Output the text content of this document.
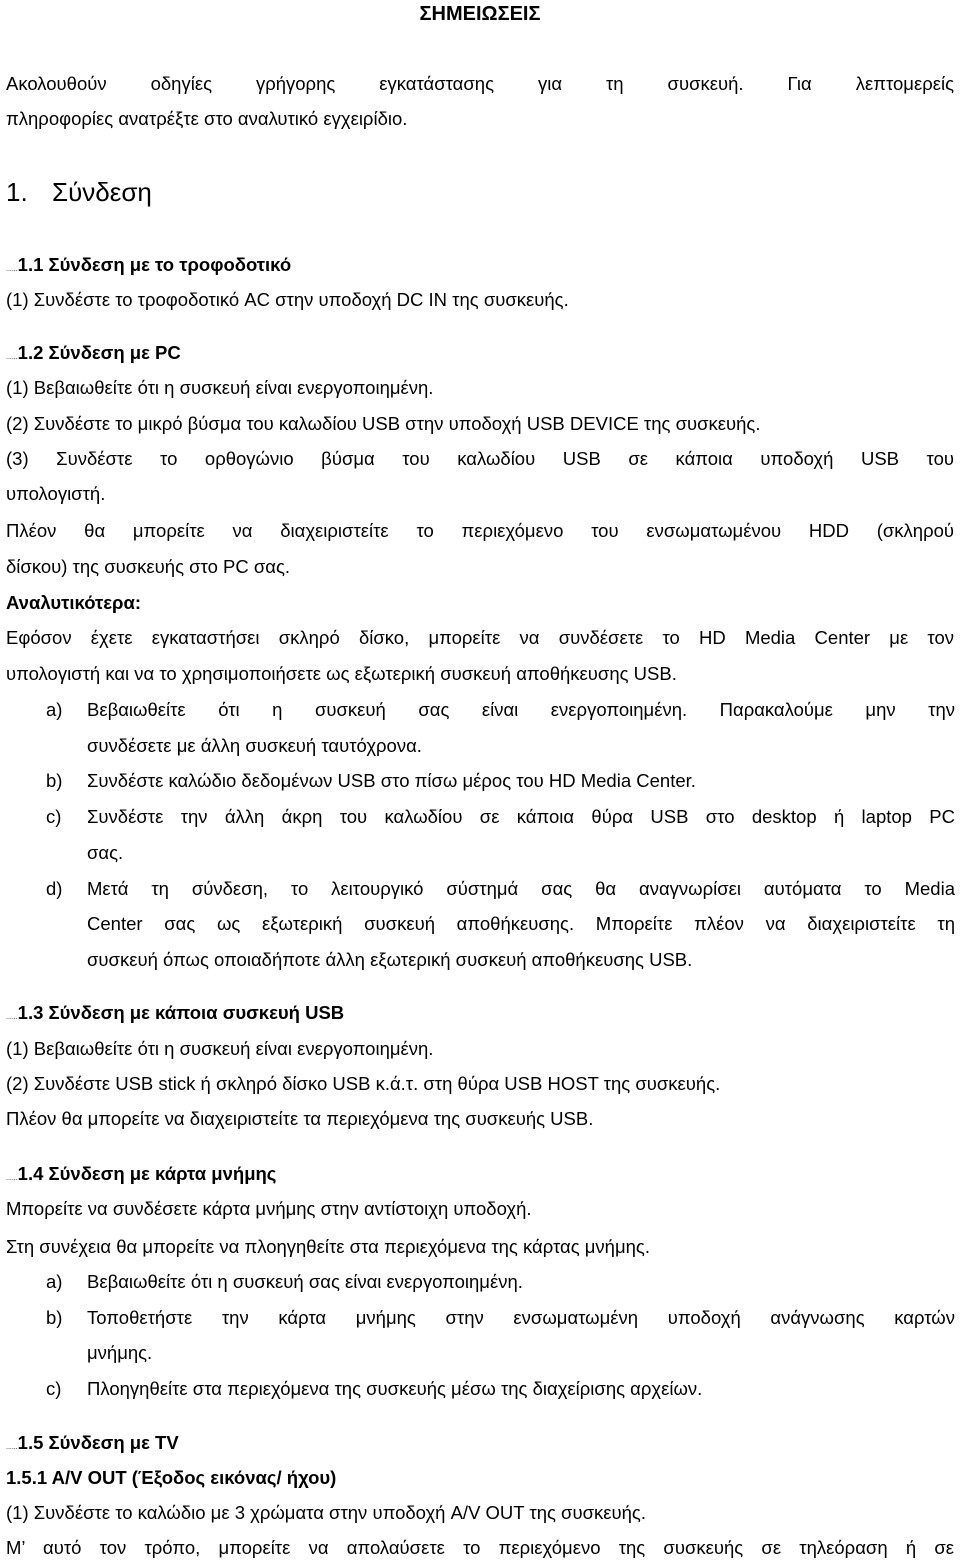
ΣΗΜΕΙΩΣΕΙΣ
Ακολουθούν οδηγίες γρήγορης εγκατάστασης για τη συσκευή. Για λεπτομερείς
πληροφορίες ανατρέξτε στο αναλυτικό εγχειρίδιο.
1. Σύνδεση
......1.1 Σύνδεση με το τροφοδοτικό
(1) Συνδέστε το τροφοδοτικό AC στην υποδοχή DC IN της συσκευής.
......1.2 Σύνδεση με PC
(1) Βεβαιωθείτε ότι η συσκευή είναι ενεργοποιημένη.
(2) Συνδέστε το μικρό βύσμα του καλωδίου USB στην υποδοχή USB DEVICE της συσκευής.
(3) Συνδέστε το ορθογώνιο βύσμα του καλωδίου USB σε κάποια υποδοχή USB του
υπολογιστή.
Πλέον θα μπορείτε να διαχειριστείτε το περιεχόμενο του ενσωματωμένου HDD (σκληρού
δίσκου) της συσκευής στο PC σας.
Αναλυτικότερα:
Εφόσον έχετε εγκαταστήσει σκληρό δίσκο, μπορείτε να συνδέσετε το HD Media Center με τον
υπολογιστή και να το χρησιμοποιήσετε ως εξωτερική συσκευή αποθήκευσης USB.
a) Βεβαιωθείτε ότι η συσκευή σας είναι ενεργοποιημένη. Παρακαλούμε μην την
συνδέσετε με άλλη συσκευή ταυτόχρονα.
b) Συνδέστε καλώδιο δεδομένων USB στο πίσω μέρος του HD Media Center.
c) Συνδέστε την άλλη άκρη του καλωδίου σε κάποια θύρα USB στο desktop ή laptop PC
σας.
d) Μετά τη σύνδεση, το λειτουργικό σύστημά σας θα αναγνωρίσει αυτόματα το Media
Center σας ως εξωτερική συσκευή αποθήκευσης. Μπορείτε πλέον να διαχειριστείτε τη
συσκευή όπως οποιαδήποτε άλλη εξωτερική συσκευή αποθήκευσης USB.
......1.3 Σύνδεση με κάποια συσκευή USB
(1) Βεβαιωθείτε ότι η συσκευή είναι ενεργοποιημένη.
(2) Συνδέστε USB stick ή σκληρό δίσκο USB κ.ά.τ. στη θύρα USB HOST της συσκευής.
Πλέον θα μπορείτε να διαχειριστείτε τα περιεχόμενα της συσκευής USB.
......1.4 Σύνδεση με κάρτα μνήμης
Μπορείτε να συνδέσετε κάρτα μνήμης στην αντίστοιχη υποδοχή.
Στη συνέχεια θα μπορείτε να πλοηγηθείτε στα περιεχόμενα της κάρτας μνήμης.
a) Βεβαιωθείτε ότι η συσκευή σας είναι ενεργοποιημένη.
b) Τοποθετήστε την κάρτα μνήμης στην ενσωματωμένη υποδοχή ανάγνωσης καρτών
μνήμης.
c) Πλοηγηθείτε στα περιεχόμενα της συσκευής μέσω της διαχείρισης αρχείων.
......1.5 Σύνδεση με TV
1.5.1 A/V OUT (Έξοδος εικόνας/ ήχου)
(1) Συνδέστε το καλώδιο με 3 χρώματα στην υποδοχή A/V OUT της συσκευής.
Μ’ αυτό τον τρόπο, μπορείτε να απολαύσετε το περιεχόμενο της συσκευής σε τηλεόραση ή σε
